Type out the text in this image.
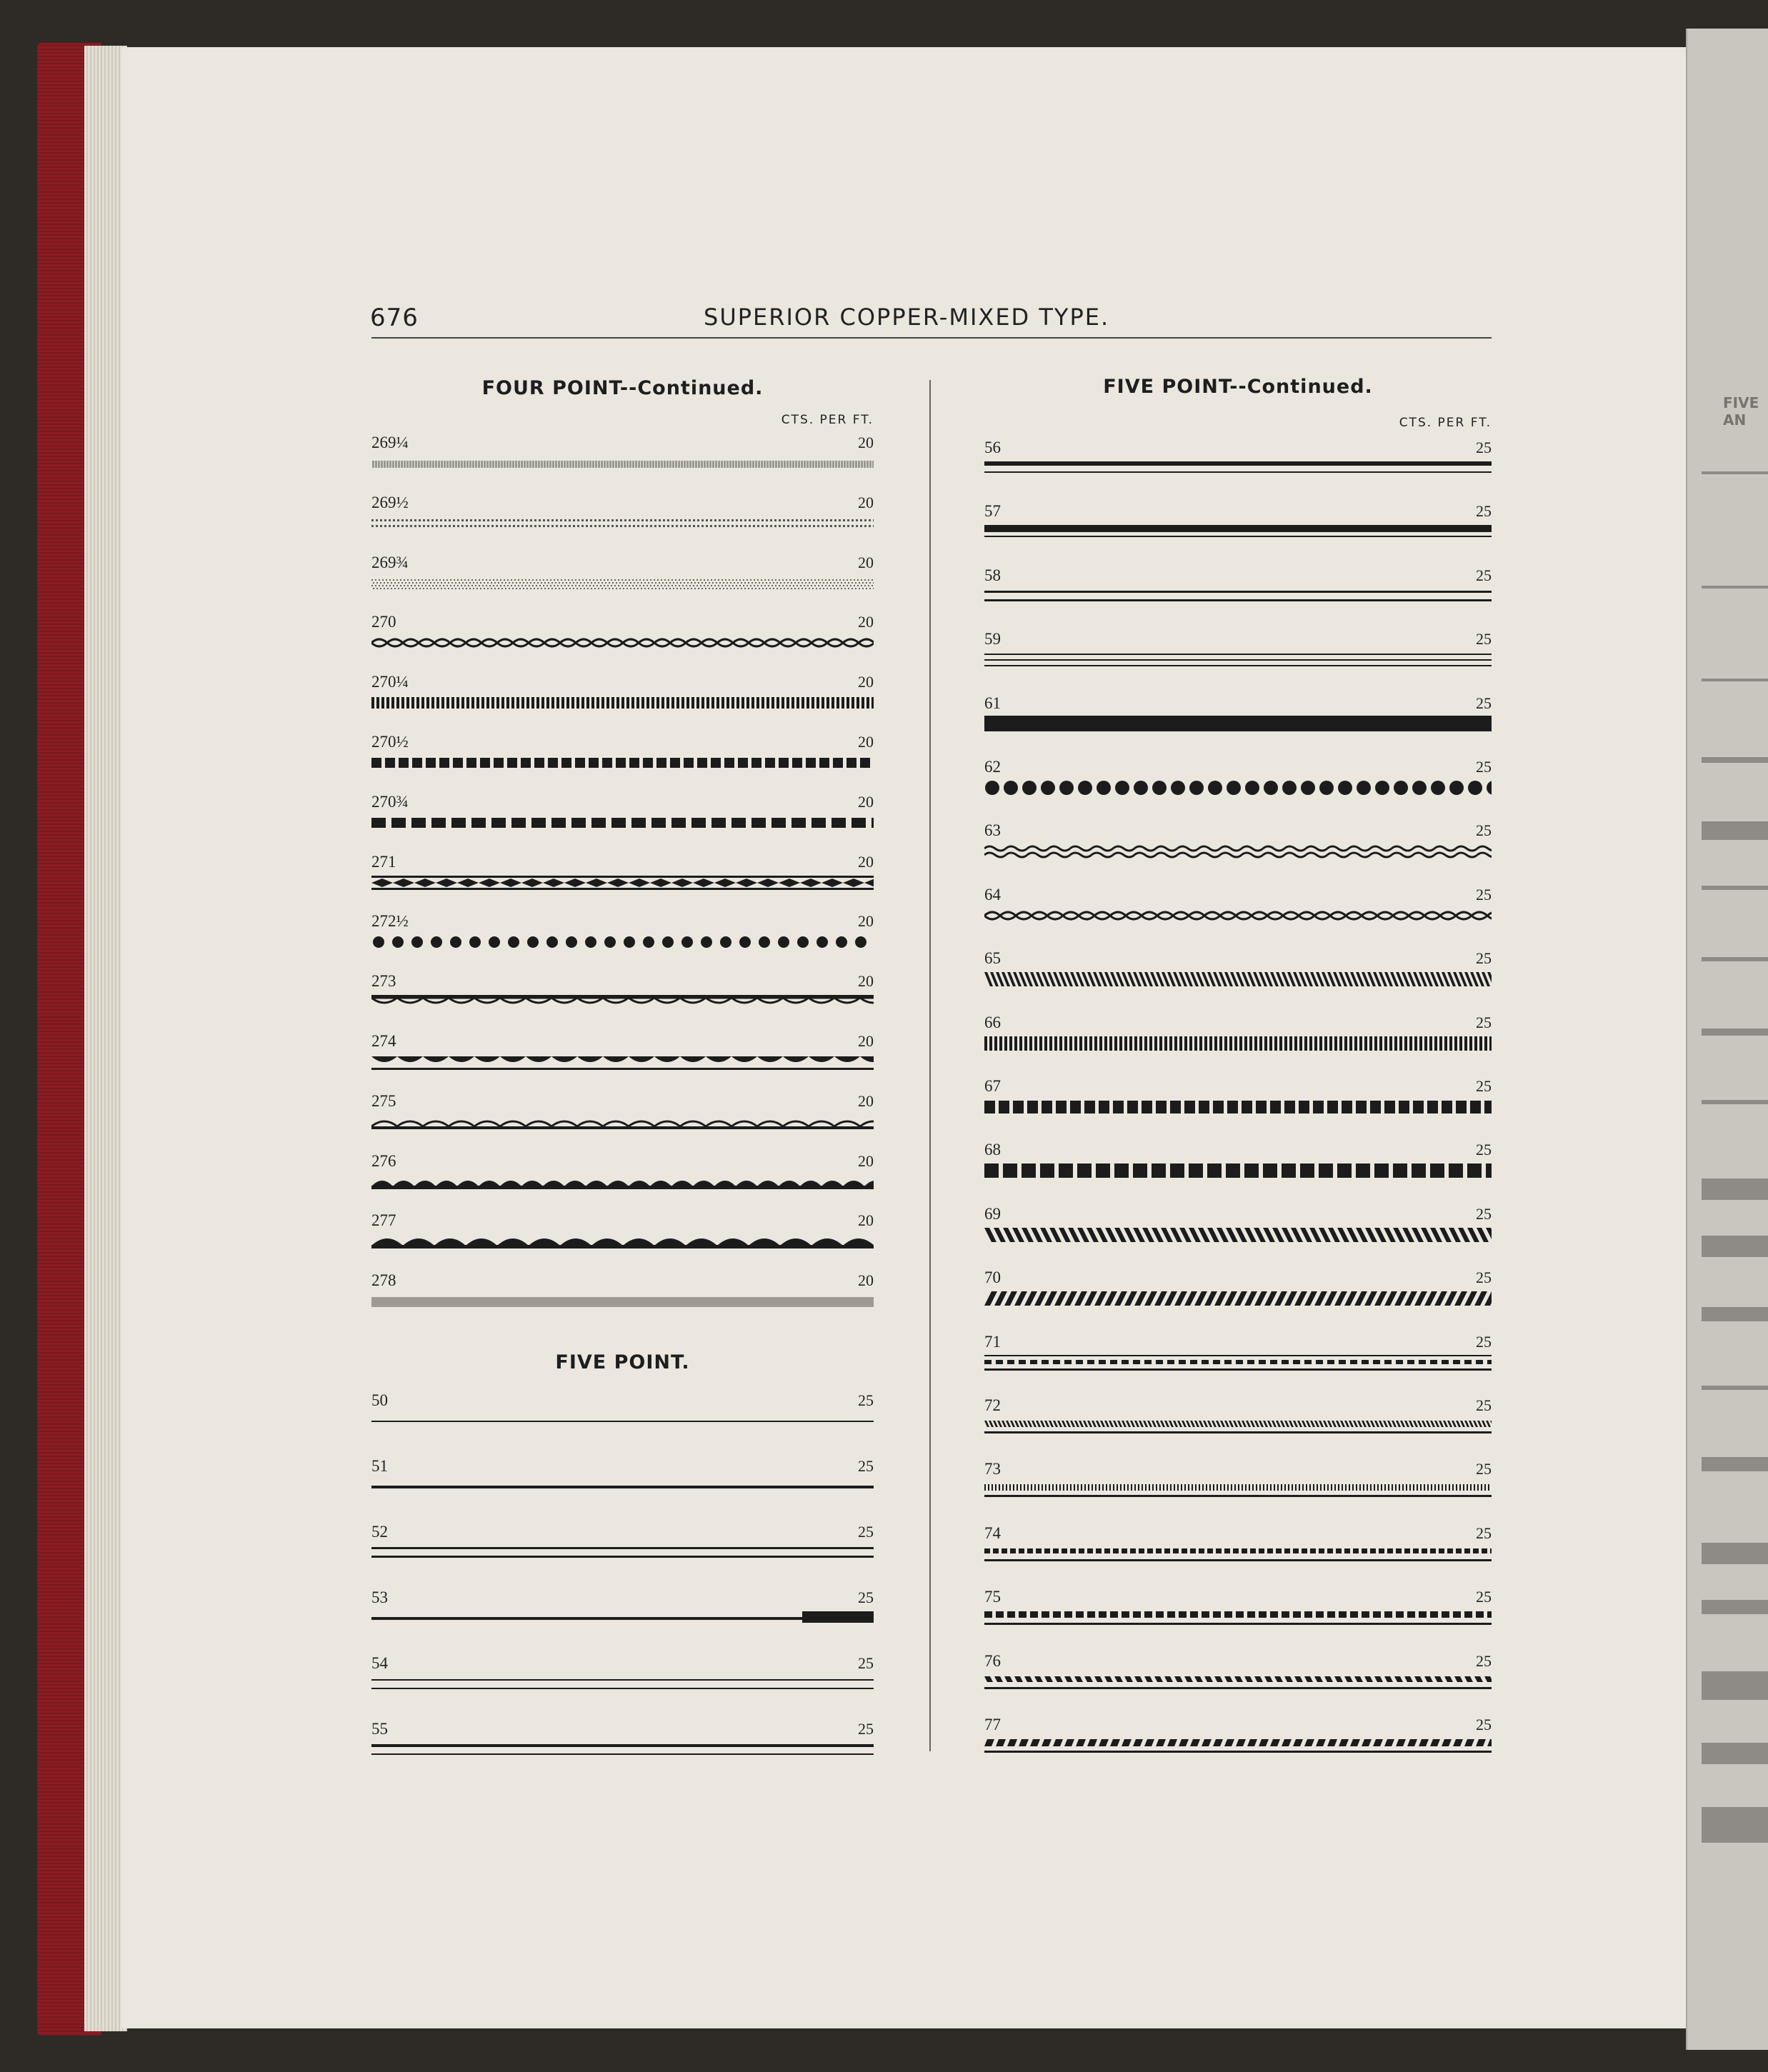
FIVE AN
676	SUPERIOR COPPER-MIXED TYPE.
FOUR POINT--Continued.
CTS. PER FT.
FIVE POINT--Continued.
CTS. PER FT.
FIVE POINT.
269¼	20
269½	20
269¾	20
270	20
270¼	20
270½	20
270¾	20
271	20
272½	20
273	20
274	20
275	20
276	20
277	20
278	20
50	25
51	25
52	25
53	25
54	25
55	25
56	25
57	25
58	25
59	25
61	25
62	25
63	25
64	25
65	25
66	25
67	25
68	25
69	25
70	25
71	25
72	25
73	25
74	25
75	25
76	25
77	25
